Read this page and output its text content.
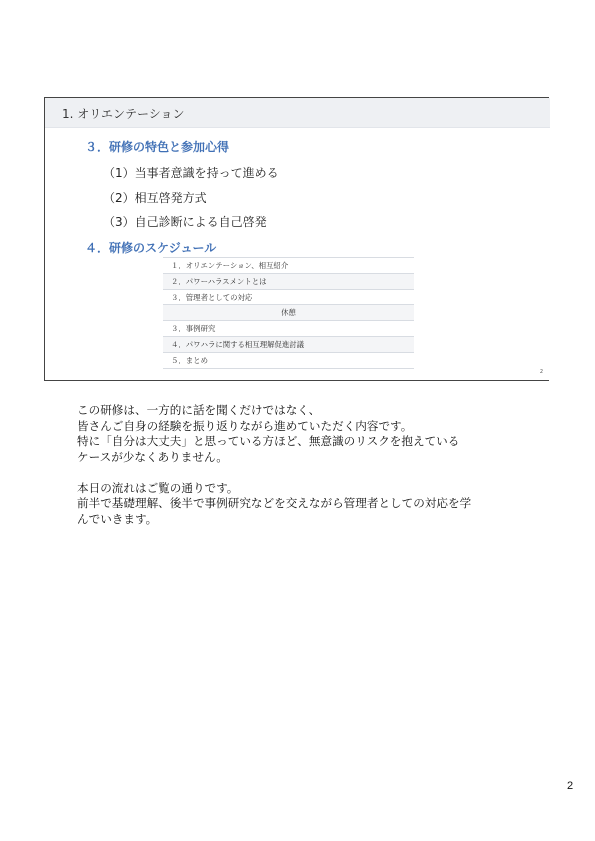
1. オリエンテーション
３．研修の特色と参加心得
（1）当事者意識を持って進める
（2）相互啓発方式
（3）自己診断による自己啓発
４．研修のスケジュール
１．オリエンテーション、相互紹介
２．パワーハラスメントとは
３．管理者としての対応
休憩
３．事例研究
４．パワハラに関する相互理解促進討議
５．まとめ
2

この研修は、一方的に話を聞くだけではなく、

皆さんご自身の経験を振り返りながら進めていただく内容です。

特に「自分は大丈夫」と思っている方ほど、無意識のリスクを抱えている

ケースが少なくありません。

本日の流れはご覧の通りです。

前半で基礎理解、後半で事例研究などを交えながら管理者としての対応を学

んでいきます。

2
